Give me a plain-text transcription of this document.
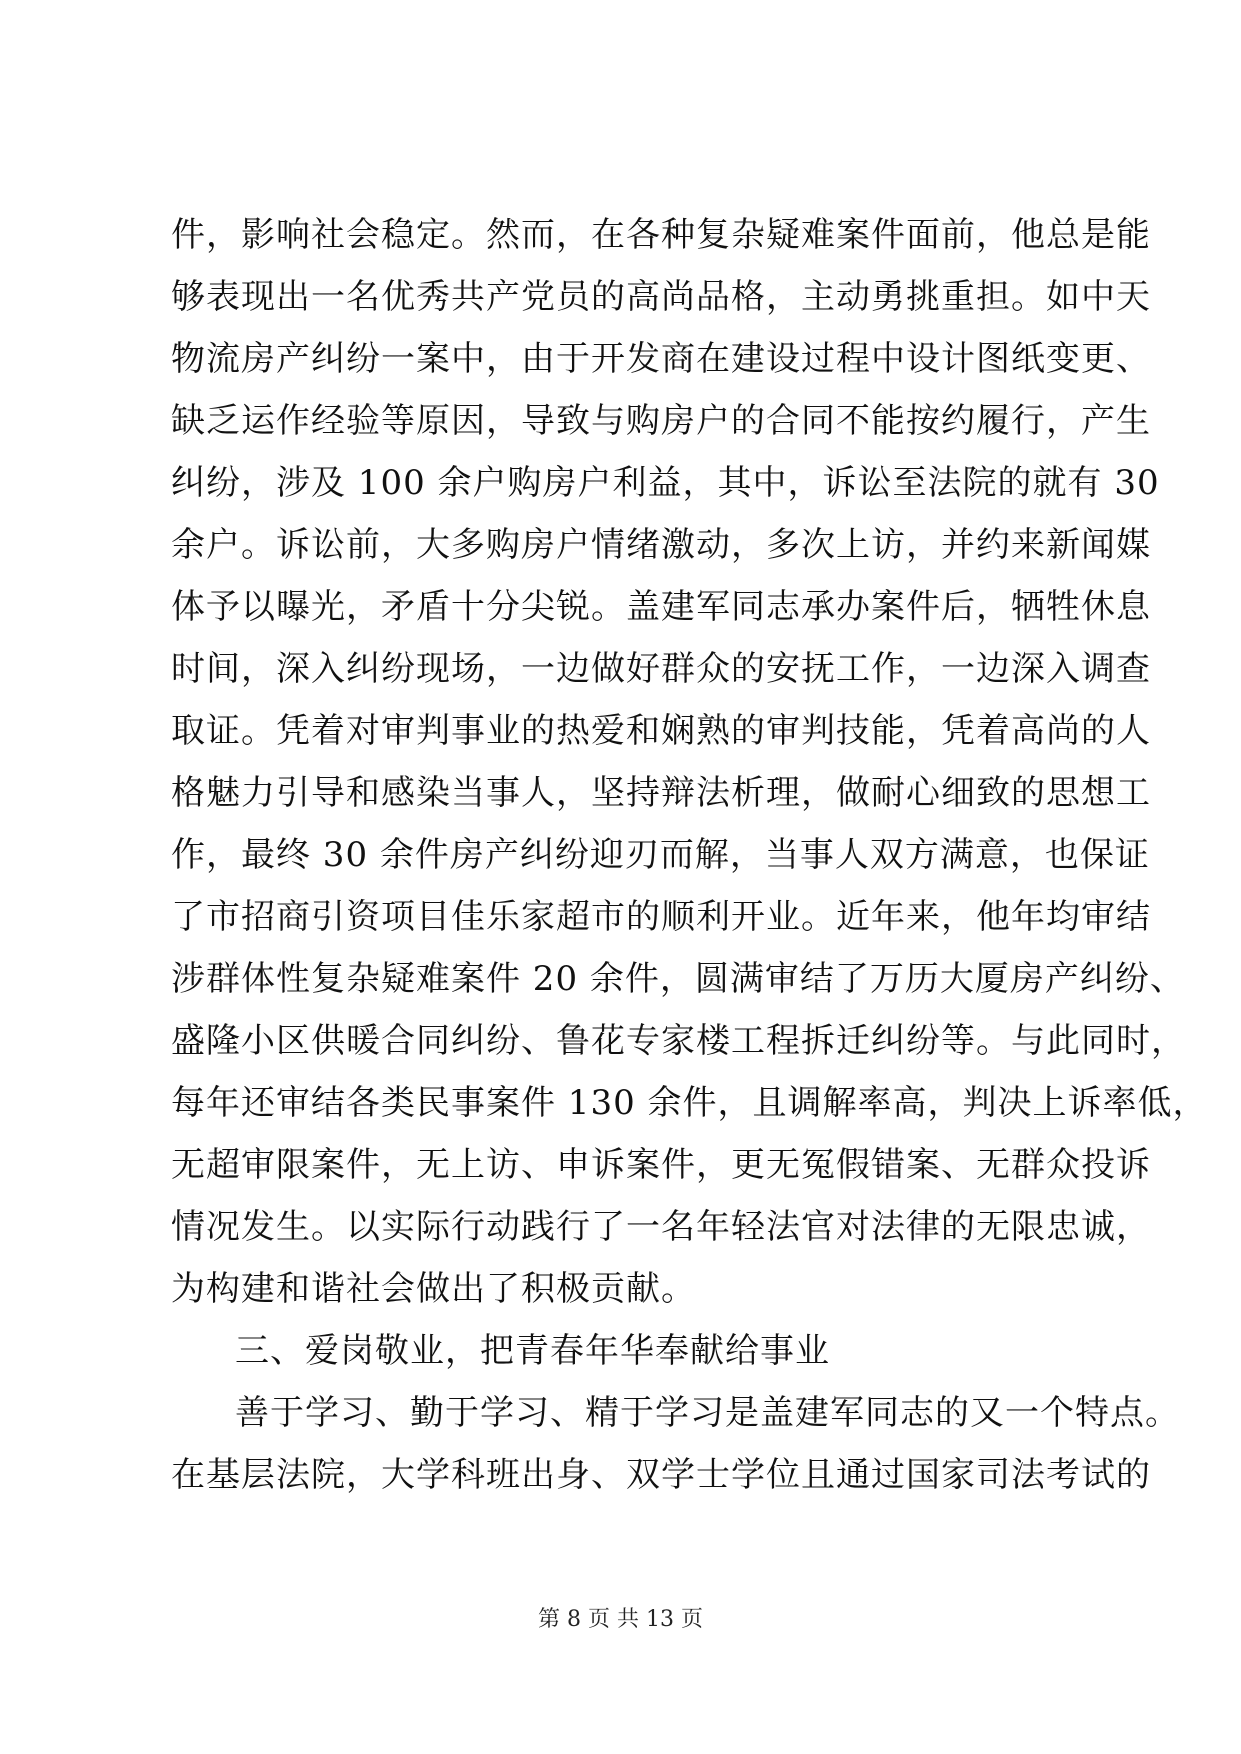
件，影响社会稳定。然而，在各种复杂疑难案件面前，他总是能
够表现出一名优秀共产党员的高尚品格，主动勇挑重担。如中天
物流房产纠纷一案中，由于开发商在建设过程中设计图纸变更、
缺乏运作经验等原因，导致与购房户的合同不能按约履行，产生
纠纷，涉及 100 余户购房户利益，其中，诉讼至法院的就有 30
余户。诉讼前，大多购房户情绪激动，多次上访，并约来新闻媒
体予以曝光，矛盾十分尖锐。盖建军同志承办案件后，牺牲休息
时间，深入纠纷现场，一边做好群众的安抚工作，一边深入调查
取证。凭着对审判事业的热爱和娴熟的审判技能，凭着高尚的人
格魅力引导和感染当事人，坚持辩法析理，做耐心细致的思想工
作，最终 30 余件房产纠纷迎刃而解，当事人双方满意，也保证
了市招商引资项目佳乐家超市的顺利开业。近年来，他年均审结
涉群体性复杂疑难案件 20 余件，圆满审结了万历大厦房产纠纷、
盛隆小区供暖合同纠纷、鲁花专家楼工程拆迁纠纷等。与此同时，
每年还审结各类民事案件 130 余件，且调解率高，判决上诉率低，
无超审限案件，无上访、申诉案件，更无冤假错案、无群众投诉
情况发生。以实际行动践行了一名年轻法官对法律的无限忠诚，
为构建和谐社会做出了积极贡献。
三、爱岗敬业，把青春年华奉献给事业
善于学习、勤于学习、精于学习是盖建军同志的又一个特点。
在基层法院，大学科班出身、双学士学位且通过国家司法考试的
第 8 页 共 13 页
